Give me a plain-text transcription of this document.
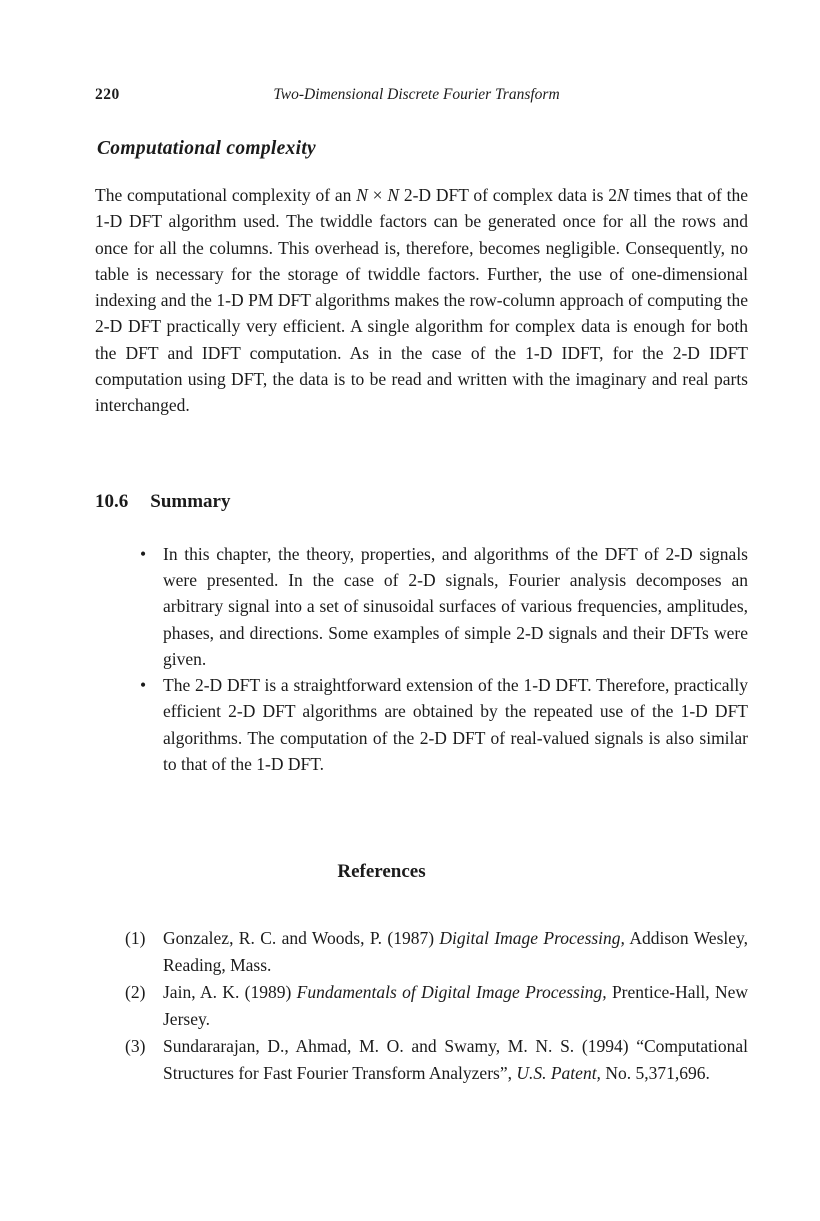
220	Two-Dimensional Discrete Fourier Transform
Computational complexity

The computational complexity of an N × N 2-D DFT of complex data is 2N times that of the 1-D DFT algorithm used. The twiddle factors can be generated once for all the rows and once for all the columns. This overhead is, therefore, becomes negligible. Consequently, no table is necessary for the storage of twiddle factors. Further, the use of one-dimensional indexing and the 1-D PM DFT algorithms makes the row-column approach of computing the 2-D DFT practically very efficient. A single algorithm for complex data is enough for both the DFT and IDFT computation. As in the case of the 1-D IDFT, for the 2-D IDFT computation using DFT, the data is to be read and written with the imaginary and real parts interchanged.

10.6 Summary
• In this chapter, the theory, properties, and algorithms of the DFT of 2-D signals were presented. In the case of 2-D signals, Fourier analysis decomposes an arbitrary signal into a set of sinusoidal surfaces of various frequencies, amplitudes, phases, and directions. Some examples of simple 2-D signals and their DFTs were given.
• The 2-D DFT is a straightforward extension of the 1-D DFT. Therefore, practically efficient 2-D DFT algorithms are obtained by the repeated use of the 1-D DFT algorithms. The computation of the 2-D DFT of real-valued signals is also similar to that of the 1-D DFT.
References
(1)	Gonzalez, R. C. and Woods, P. (1987) Digital Image Processing, Addison Wesley, Reading, Mass.
(2)	Jain, A. K. (1989) Fundamentals of Digital Image Processing, Prentice-Hall, New Jersey.
(3)	Sundararajan, D., Ahmad, M. O. and Swamy, M. N. S. (1994) “Computational Structures for Fast Fourier Transform Analyzers”, U.S. Patent, No. 5,371,696.
